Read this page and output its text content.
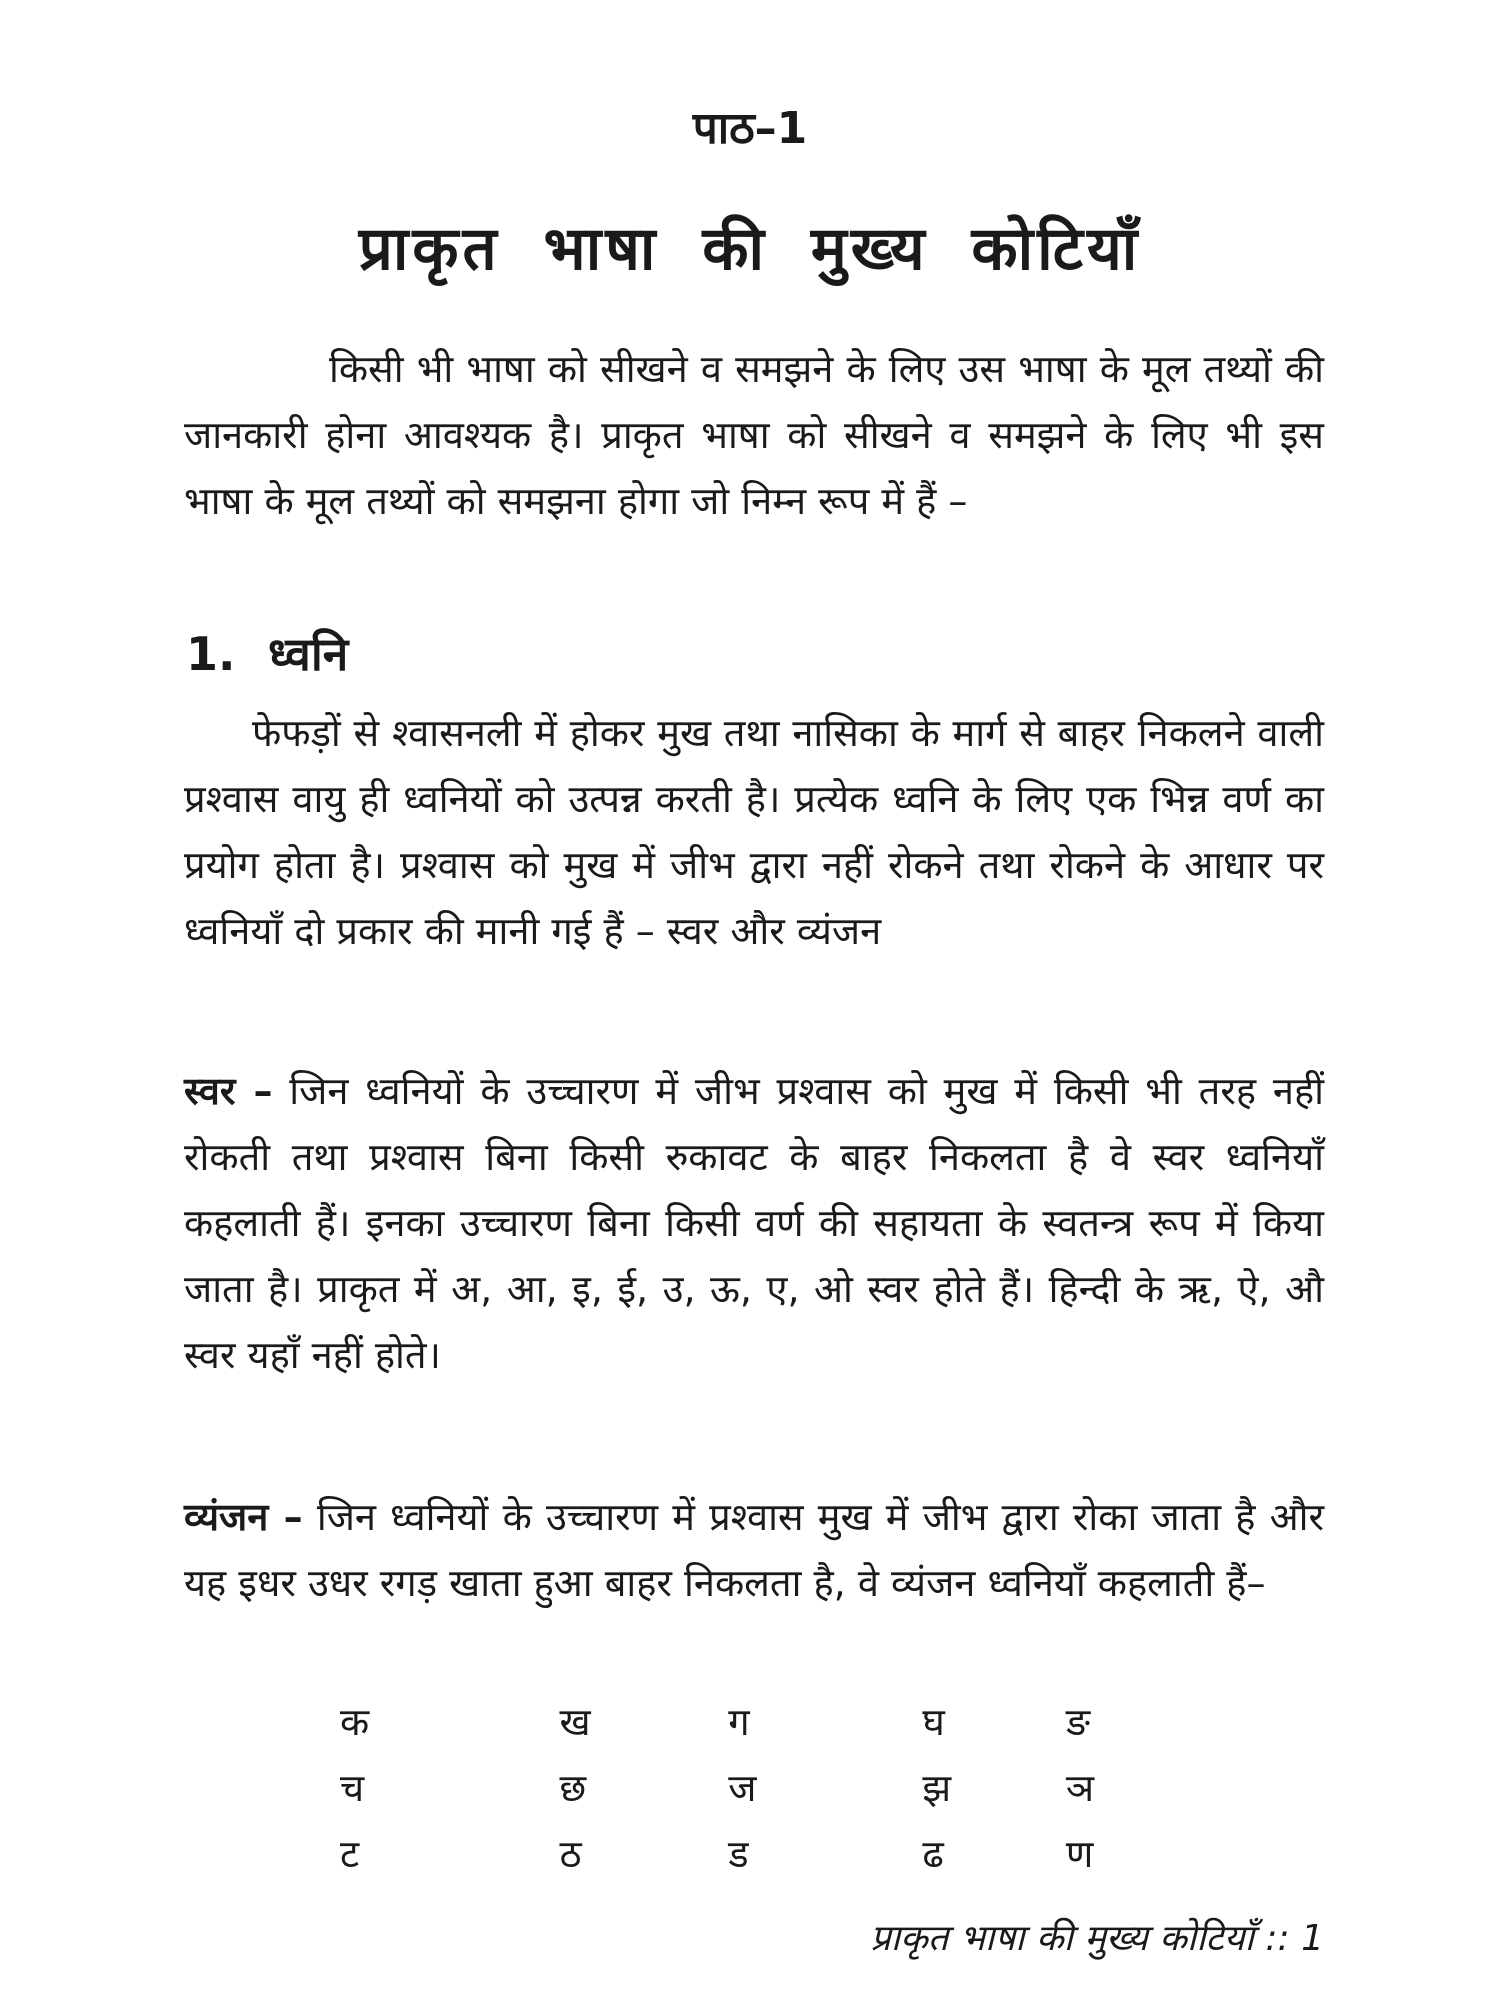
पाठ–1
प्राकृत भाषा की मुख्य कोटियाँ

किसी भी भाषा को सीखने व समझने के लिए उस भाषा के मूल तथ्यों की जानकारी होना आवश्यक है। प्राकृत भाषा को सीखने व समझने के लिए भी इस भाषा के मूल तथ्यों को समझना होगा जो निम्न रूप में हैं –

1. ध्वनि

फेफड़ों से श्वासनली में होकर मुख तथा नासिका के मार्ग से बाहर निकलने वाली प्रश्वास वायु ही ध्वनियों को उत्पन्न करती है। प्रत्येक ध्वनि के लिए एक भिन्न वर्ण का प्रयोग होता है। प्रश्वास को मुख में जीभ द्वारा नहीं रोकने तथा रोकने के आधार पर ध्वनियाँ दो प्रकार की मानी गई हैं – स्वर और व्यंजन

स्वर – जिन ध्वनियों के उच्चारण में जीभ प्रश्वास को मुख में किसी भी तरह नहीं रोकती तथा प्रश्वास बिना किसी रुकावट के बाहर निकलता है वे स्वर ध्वनियाँ कहलाती हैं। इनका उच्चारण बिना किसी वर्ण की सहायता के स्वतन्त्र रूप में किया जाता है। प्राकृत में अ, आ, इ, ई, उ, ऊ, ए, ओ स्वर होते हैं। हिन्दी के ऋ, ऐ, औ स्वर यहाँ नहीं होते।

व्यंजन – जिन ध्वनियों के उच्चारण में प्रश्वास मुख में जीभ द्वारा रोका जाता है और यह इधर उधर रगड़ खाता हुआ बाहर निकलता है, वे व्यंजन ध्वनियाँ कहलाती हैं–

क	ख	ग	घ	ङ
च	छ	ज	झ	ञ
ट	ठ	ड	ढ	ण
प्राकृत भाषा की मुख्य कोटियाँ :: 1
